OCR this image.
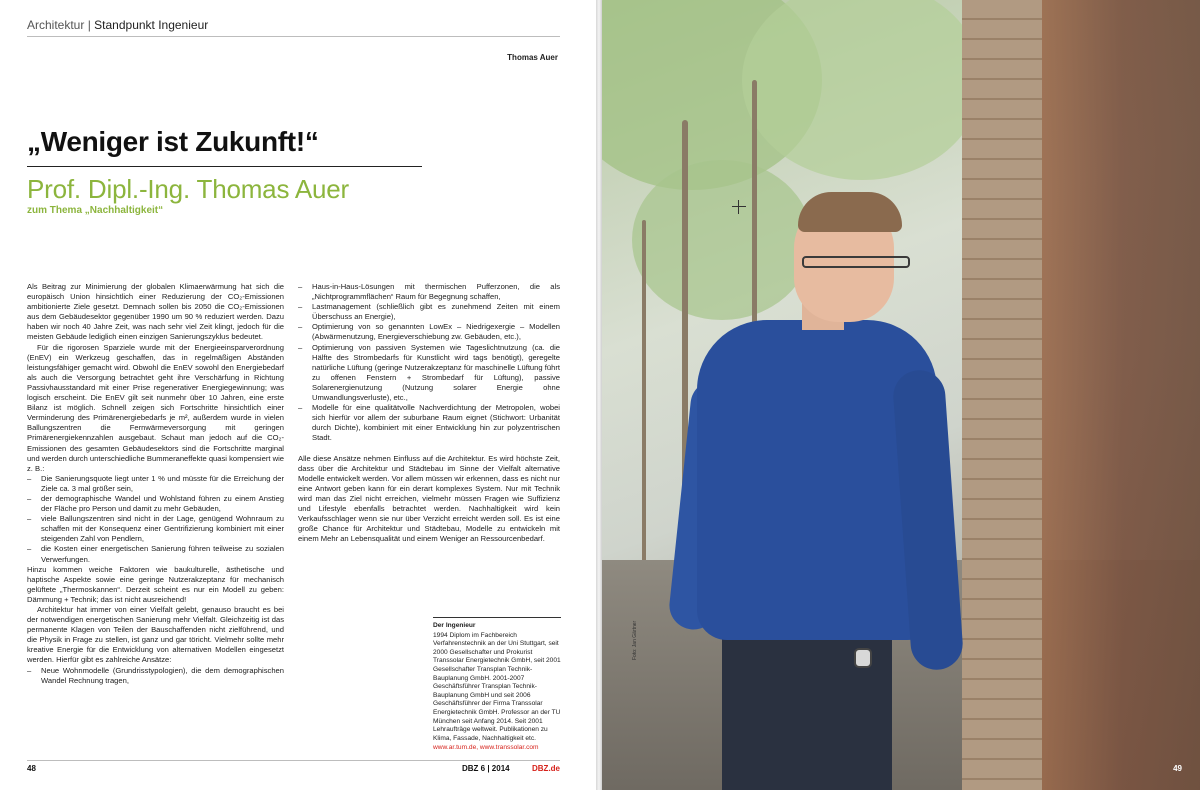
Architektur | Standpunkt Ingenieur
Thomas Auer
„Weniger ist Zukunft!“
Prof. Dipl.-Ing. Thomas Auer
zum Thema „Nachhaltigkeit“

Als Beitrag zur Minimierung der globalen Klimaerwärmung hat sich die europäisch Union hinsichtlich einer Reduzierung der CO₂-Emissionen ambitionierte Ziele gesetzt. Demnach sollen bis 2050 die CO₂-Emissionen aus dem Gebäudesektor gegenüber 1990 um 90 % reduziert werden. Dazu haben wir noch 40 Jahre Zeit, was nach sehr viel Zeit klingt, jedoch für die meisten Gebäude lediglich einen einzigen Sanierungszyklus bedeutet.

Für die rigorosen Sparziele wurde mit der Energieeinsparverordnung (EnEV) ein Werkzeug geschaffen, das in regelmäßigen Abständen leistungsfähiger gemacht wird. Obwohl die EnEV sowohl den Energiebedarf als auch die Versorgung betrachtet geht ihre Verschärfung in Richtung Passivhausstandard mit einer Prise regenerativer Energiegewinnung; was logisch erscheint. Die EnEV gilt seit nunmehr über 10 Jahren, eine erste Bilanz ist möglich. Schnell zeigen sich Fortschritte hinsichtlich einer Verminderung des Primärenergiebedarfs je m², außerdem wurde in vielen Ballungszentren die Fernwärmeversorgung mit geringen Primärenergiekennzahlen ausgebaut. Schaut man jedoch auf die CO₂-Emissionen des gesamten Gebäudesektors sind die Fortschritte marginal und werden durch unterschiedliche Bummeraneffekte quasi kompensiert wie z. B.:

–	Die Sanierungsquote liegt unter 1 % und müsste für die Erreichung der Ziele ca. 3 mal größer sein,
–	der demographische Wandel und Wohlstand führen zu einem Anstieg der Fläche pro Person und damit zu mehr Gebäuden,
–	viele Ballungszentren sind nicht in der Lage, genügend Wohnraum zu schaffen mit der Konsequenz einer Gentrifizierung kombiniert mit einer steigenden Zahl von Pendlern,
–	die Kosten einer energetischen Sanierung führen teilweise zu sozialen Verwerfungen.

Hinzu kommen weiche Faktoren wie baukulturelle, ästhetische und haptische Aspekte sowie eine geringe Nutzerakzeptanz für mechanisch gelüftete „Thermoskannen“. Derzeit scheint es nur ein Modell zu geben: Dämmung + Technik; das ist nicht ausreichend!

Architektur hat immer von einer Vielfalt gelebt, genauso braucht es bei der notwendigen energetischen Sanierung mehr Vielfalt. Gleichzeitig ist das permanente Klagen von Teilen der Bauschaffenden nicht zielführend, und die Physik in Frage zu stellen, ist ganz und gar töricht. Vielmehr sollte mehr kreative Energie für die Entwicklung von alternativen Modellen eingesetzt werden. Hierfür gibt es zahlreiche Ansätze:

–	Neue Wohnmodelle (Grundrisstypologien), die dem demographischen Wandel Rechnung tragen,
–	Haus-in-Haus-Lösungen mit thermischen Pufferzonen, die als „Nichtprogrammflächen“ Raum für Begegnung schaffen,
–	Lastmanagement (schließlich gibt es zunehmend Zeiten mit einem Überschuss an Energie),
–	Optimierung von so genannten LowEx – Niedrigexergie – Modellen (Abwärmenutzung, Energieverschiebung zw. Gebäuden, etc.),
–	Optimierung von passiven Systemen wie Tageslichtnutzung (ca. die Hälfte des Strombedarfs für Kunstlicht wird tags benötigt), geregelte natürliche Lüftung (geringe Nutzerakzeptanz für maschinelle Lüftung führt zu offenen Fenstern + Strombedarf für Lüftung), passive Solarenergienutzung (Nutzung solarer Energie ohne Umwandlungsverluste), etc.,
–	Modelle für eine qualitätvolle Nachverdichtung der Metropolen, wobei sich hierfür vor allem der suburbane Raum eignet (Stichwort: Urbanität durch Dichte), kombiniert mit einer Entwicklung hin zur polyzentrischen Stadt.

Alle diese Ansätze nehmen Einfluss auf die Architektur. Es wird höchste Zeit, dass über die Architektur und Städtebau im Sinne der Vielfalt alternative Modelle entwickelt werden. Vor allem müssen wir erkennen, dass es nicht nur eine Antwort geben kann für ein derart komplexes System. Nur mit Technik wird man das Ziel nicht erreichen, vielmehr müssen Fragen wie Suffizienz und Lifestyle ebenfalls betrachtet werden. Nachhaltigkeit wird kein Verkaufsschlager wenn sie nur über Verzicht erreicht werden soll. Es ist eine große Chance für Architektur und Städtebau, Modelle zu entwickeln mit einem Mehr an Lebensqualität und einem Weniger an Ressourcenbedarf.

Der Ingenieur
1994 Diplom im Fachbereich Verfahrenstechnik an der Uni Stuttgart, seit 2000 Gesellschafter und Prokurist Transsolar Energietechnik GmbH, seit 2001 Gesellschafter Transplan Technik-Bauplanung GmbH. 2001-2007 Geschäftsführer Transplan Technik-Bauplanung GmbH und seit 2006 Geschäftsführer der Firma Transsolar Energietechnik GmbH. Professor an der TU München seit Anfang 2014. Seit 2001 Lehraufträge weltweit. Publikationen zu Klima, Fassade, Nachhaltigkeit etc.
www.ar.tum.de, www.transsolar.com
48	DBZ 6 | 2014	DBZ.de
Foto: Jan Gärtner
49
